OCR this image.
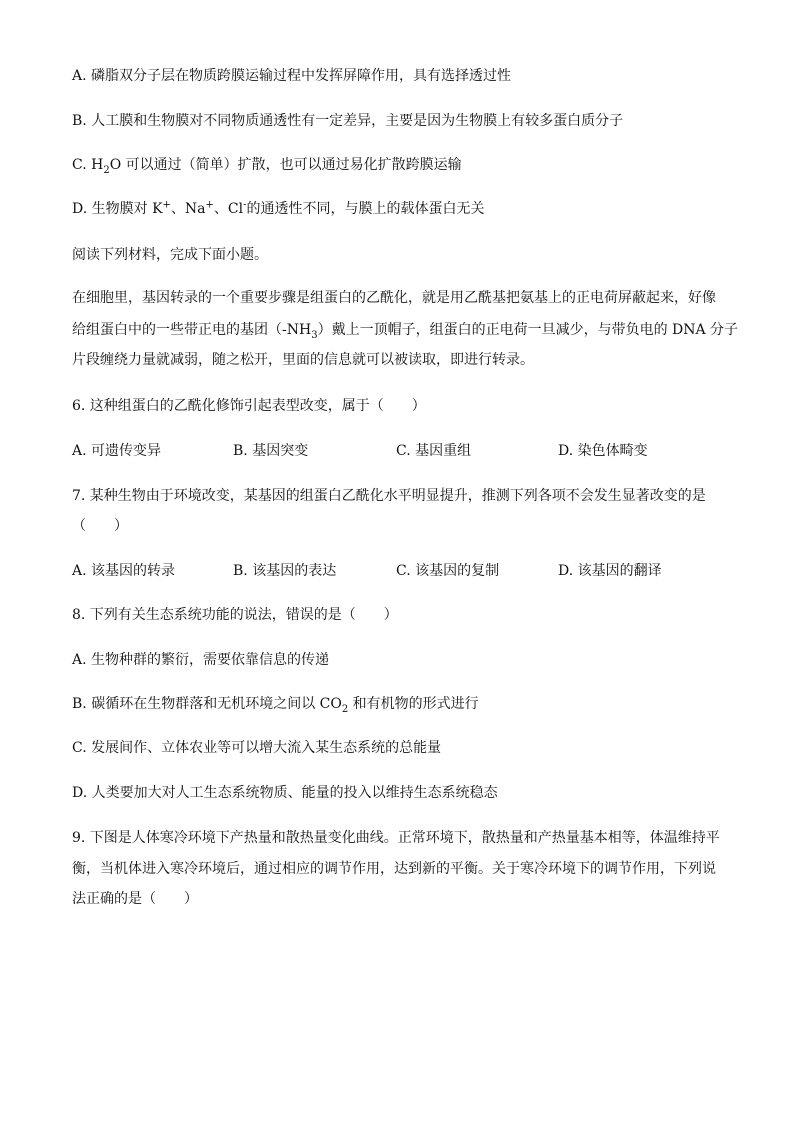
A. 磷脂双分子层在物质跨膜运输过程中发挥屏障作用，具有选择透过性
B. 人工膜和生物膜对不同物质通透性有一定差异，主要是因为生物膜上有较多蛋白质分子
C. $H_2O$ 可以通过（简单）扩散，也可以通过易化扩散跨膜运输
D. 生物膜对 K+、Na+、Cl-的通透性不同，与膜上的载体蛋白无关
阅读下列材料，完成下面小题。
在细胞里，基因转录的一个重要步骤是组蛋白的乙酰化，就是用乙酰基把氨基上的正电荷屏蔽起来，好像
给组蛋白中的一些带正电的基团$(-NH_3)$戴上一顶帽子，组蛋白的正电荷一旦减少，与带负电的 DNA 分子
片段缠绕力量就减弱，随之松开，里面的信息就可以被读取，即进行转录。
6. 这种组蛋白的乙酰化修饰引起表型改变，属于（　　）
A. 可遗传变异	B. 基因突变	C. 基因重组	D. 染色体畸变
7. 某种生物由于环境改变，某基因的组蛋白乙酰化水平明显提升，推测下列各项不会发生显著改变的是
（　　）
A. 该基因的转录	B. 该基因的表达	C. 该基因的复制	D. 该基因的翻译
8. 下列有关生态系统功能的说法，错误的是（　　）
A. 生物种群的繁衍，需要依靠信息的传递
B. 碳循环在生物群落和无机环境之间以 $CO_2$ 和有机物的形式进行
C. 发展间作、立体农业等可以增大流入某生态系统的总能量
D. 人类要加大对人工生态系统物质、能量的投入以维持生态系统稳态
9. 下图是人体寒冷环境下产热量和散热量变化曲线。正常环境下，散热量和产热量基本相等，体温维持平
衡，当机体进入寒冷环境后，通过相应的调节作用，达到新的平衡。关于寒冷环境下的调节作用，下列说
法正确的是（　　）
